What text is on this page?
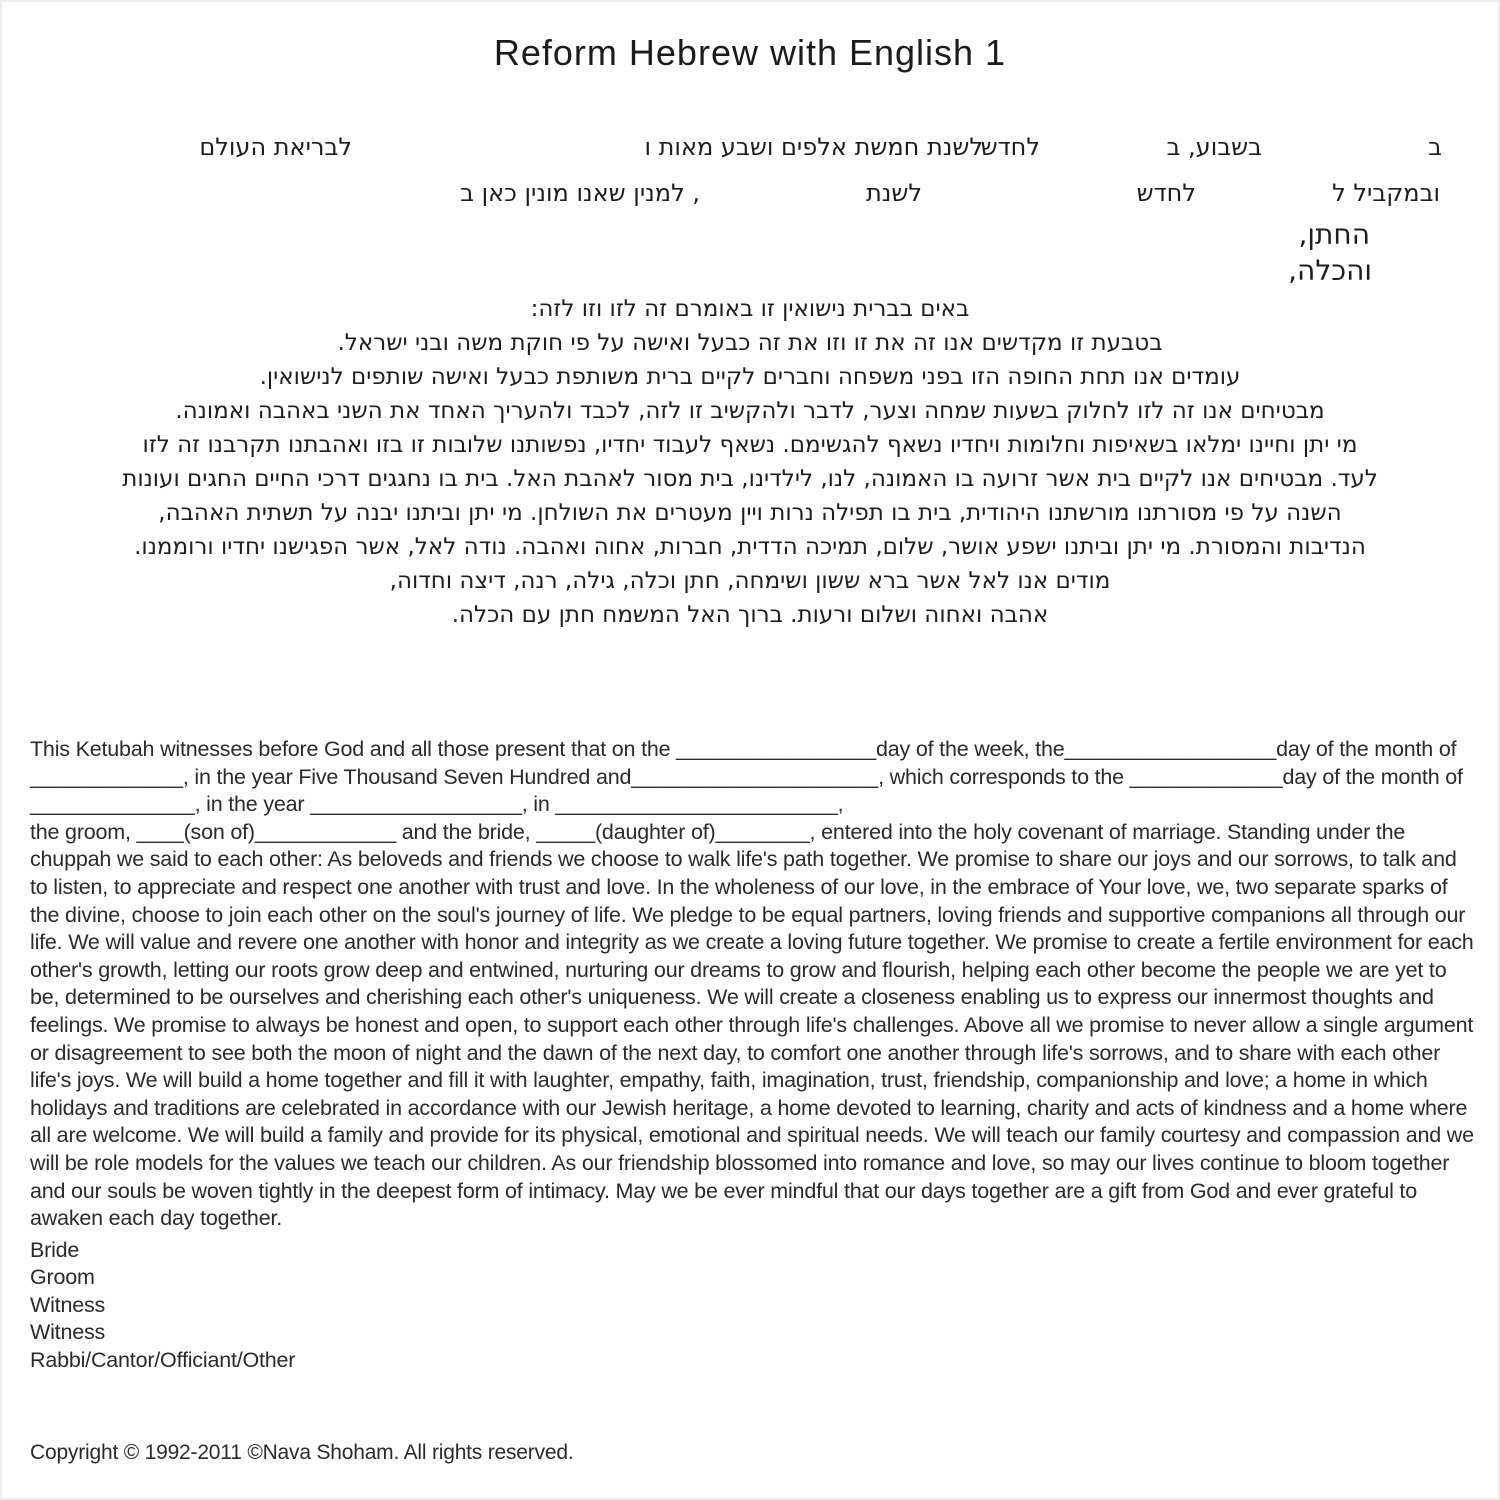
Reform Hebrew with English 1
ב
בשבוע, ב
לחדש
לשנת חמשת אלפים ושבע מאות ו
לבריאת העולם
ובמקביל ל
לחדש
לשנת
, למנין שאנו מונין כאן ב
החתן,
והכלה,
באים בברית נישואין זו באומרם זה לזו וזו לזה:
בטבעת זו מקדשים אנו זה את זו וזו את זה כבעל ואישה על פי חוקת משה ובני ישראל.
עומדים אנו תחת החופה הזו בפני משפחה וחברים לקיים ברית משותפת כבעל ואישה שותפים לנישואין.
מבטיחים אנו זה לזו לחלוק בשעות שמחה וצער, לדבר ולהקשיב זו לזה, לכבד ולהעריך האחד את השני באהבה ואמונה.
מי יתן וחיינו ימלאו בשאיפות וחלומות ויחדיו נשאף להגשימם. נשאף לעבוד יחדיו, נפשותנו שלובות זו בזו ואהבתנו תקרבנו זה לזו
לעד. מבטיחים אנו לקיים בית אשר זרועה בו האמונה, לנו, לילדינו, בית מסור לאהבת האל. בית בו נחגגים דרכי החיים החגים ועונות
השנה על פי מסורתנו מורשתנו היהודית, בית בו תפילה נרות ויין מעטרים את השולחן. מי יתן וביתנו יבנה על תשתית האהבה,
הנדיבות והמסורת. מי יתן וביתנו ישפע אושר, שלום, תמיכה הדדית, חברות, אחוה ואהבה. נודה לאל, אשר הפגישנו יחדיו ורוממנו.
מודים אנו לאל אשר ברא ששון ושימחה, חתן וכלה, גילה, רנה, דיצה וחדוה,
אהבה ואחוה ושלום ורעות. ברוך האל המשמח חתן עם הכלה.
This Ketubah witnesses before God and all those present that on the _________________day of the week, the__________________day of the month of _____________, in the year Five Thousand Seven Hundred and_____________________, which corresponds to the _____________day of the month of ______________, in the year __________________, in ________________________,
the groom, ____(son of)____________ and the bride, _____(daughter of)________, entered into the holy covenant of marriage. Standing under the chuppah we said to each other: As beloveds and friends we choose to walk life's path together. We promise to share our joys and our sorrows, to talk and to listen, to appreciate and respect one another with trust and love. In the wholeness of our love, in the embrace of Your love, we, two separate sparks of the divine, choose to join each other on the soul's journey of life. We pledge to be equal partners, loving friends and supportive companions all through our life. We will value and revere one another with honor and integrity as we create a loving future together. We promise to create a fertile environment for each other's growth, letting our roots grow deep and entwined, nurturing our dreams to grow and flourish, helping each other become the people we are yet to be, determined to be ourselves and cherishing each other's uniqueness. We will create a closeness enabling us to express our innermost thoughts and feelings. We promise to always be honest and open, to support each other through life's challenges. Above all we promise to never allow a single argument or disagreement to see both the moon of night and the dawn of the next day, to comfort one another through life's sorrows, and to share with each other life's joys. We will build a home together and fill it with laughter, empathy, faith, imagination, trust, friendship, companionship and love; a home in which holidays and traditions are celebrated in accordance with our Jewish heritage, a home devoted to learning, charity and acts of kindness and a home where all are welcome. We will build a family and provide for its physical, emotional and spiritual needs. We will teach our family courtesy and compassion and we will be role models for the values we teach our children. As our friendship blossomed into romance and love, so may our lives continue to bloom together and our souls be woven tightly in the deepest form of intimacy. May we be ever mindful that our days together are a gift from God and ever grateful to awaken each day together.
Bride
Groom
Witness
Witness
Rabbi/Cantor/Officiant/Other
Copyright © 1992-2011 ©Nava Shoham. All rights reserved.
